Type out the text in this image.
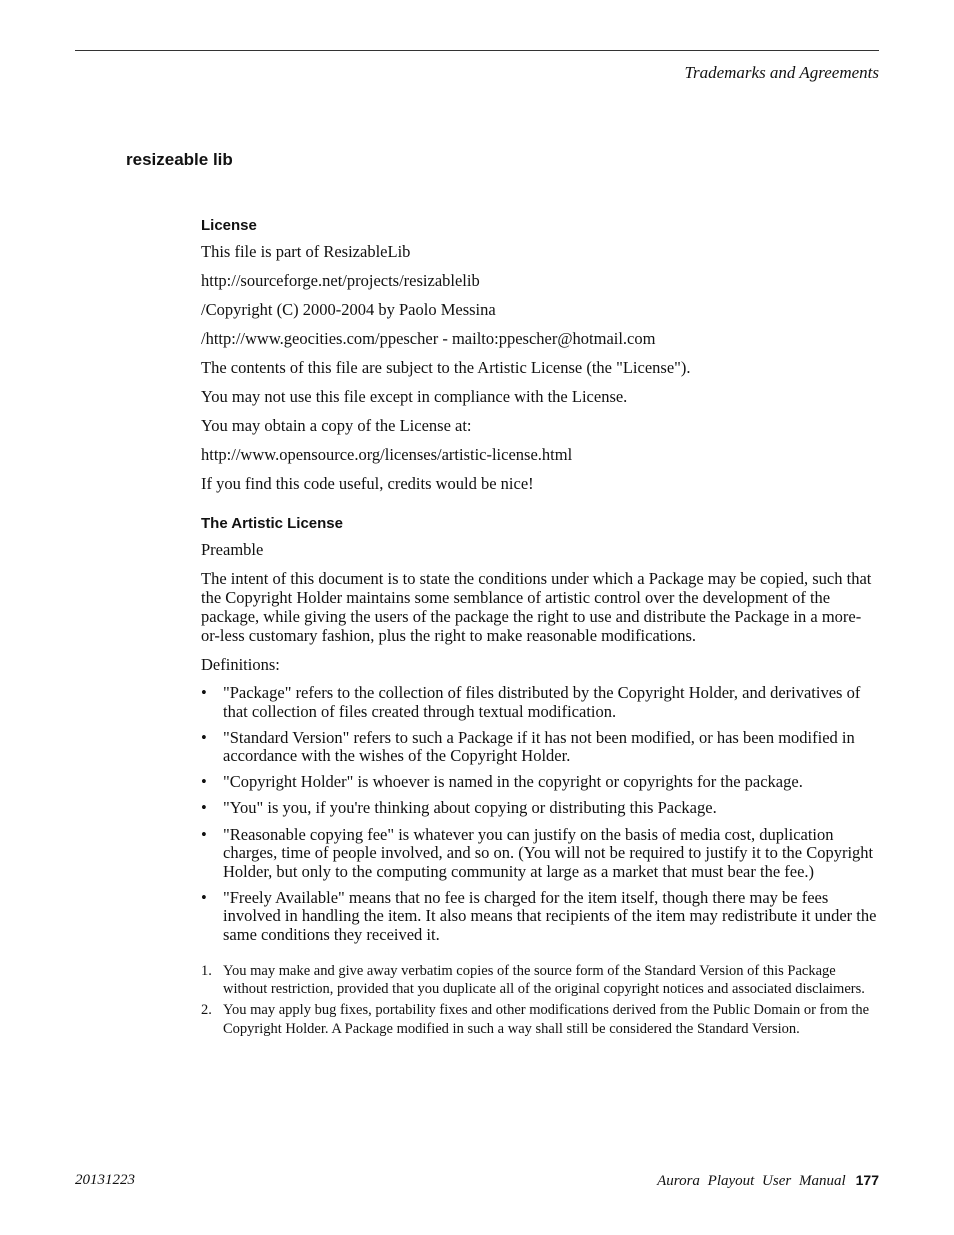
Trademarks and Agreements
resizeable lib
License

This file is part of ResizableLib

http://sourceforge.net/projects/resizablelib

/Copyright (C) 2000-2004 by Paolo Messina

/http://www.geocities.com/ppescher - mailto:ppescher@hotmail.com

The contents of this file are subject to the Artistic License (the "License").

You may not use this file except in compliance with the License.

You may obtain a copy of the License at:

http://www.opensource.org/licenses/artistic-license.html

If you find this code useful, credits would be nice!

The Artistic License

Preamble

The intent of this document is to state the conditions under which a Package may be copied, such that the Copyright Holder maintains some semblance of artistic control over the development of the package, while giving the users of the package the right to use and distribute the Package in a more-or-less customary fashion, plus the right to make reasonable modifications.

Definitions:

• "Package" refers to the collection of files distributed by the Copyright Holder, and derivatives of that collection of files created through textual modification.
• "Standard Version" refers to such a Package if it has not been modified, or has been modified in accordance with the wishes of the Copyright Holder.
• "Copyright Holder" is whoever is named in the copyright or copyrights for the package.
• "You" is you, if you're thinking about copying or distributing this Package.
• "Reasonable copying fee" is whatever you can justify on the basis of media cost, duplication charges, time of people involved, and so on. (You will not be required to justify it to the Copyright Holder, but only to the computing community at large as a market that must bear the fee.)
• "Freely Available" means that no fee is charged for the item itself, though there may be fees involved in handling the item. It also means that recipients of the item may redistribute it under the same conditions they received it.
1. You may make and give away verbatim copies of the source form of the Standard Version of this Package without restriction, provided that you duplicate all of the original copyright notices and associated disclaimers.
2. You may apply bug fixes, portability fixes and other modifications derived from the Public Domain or from the Copyright Holder. A Package modified in such a way shall still be considered the Standard Version.
20131223	Aurora Playout User Manual 177
